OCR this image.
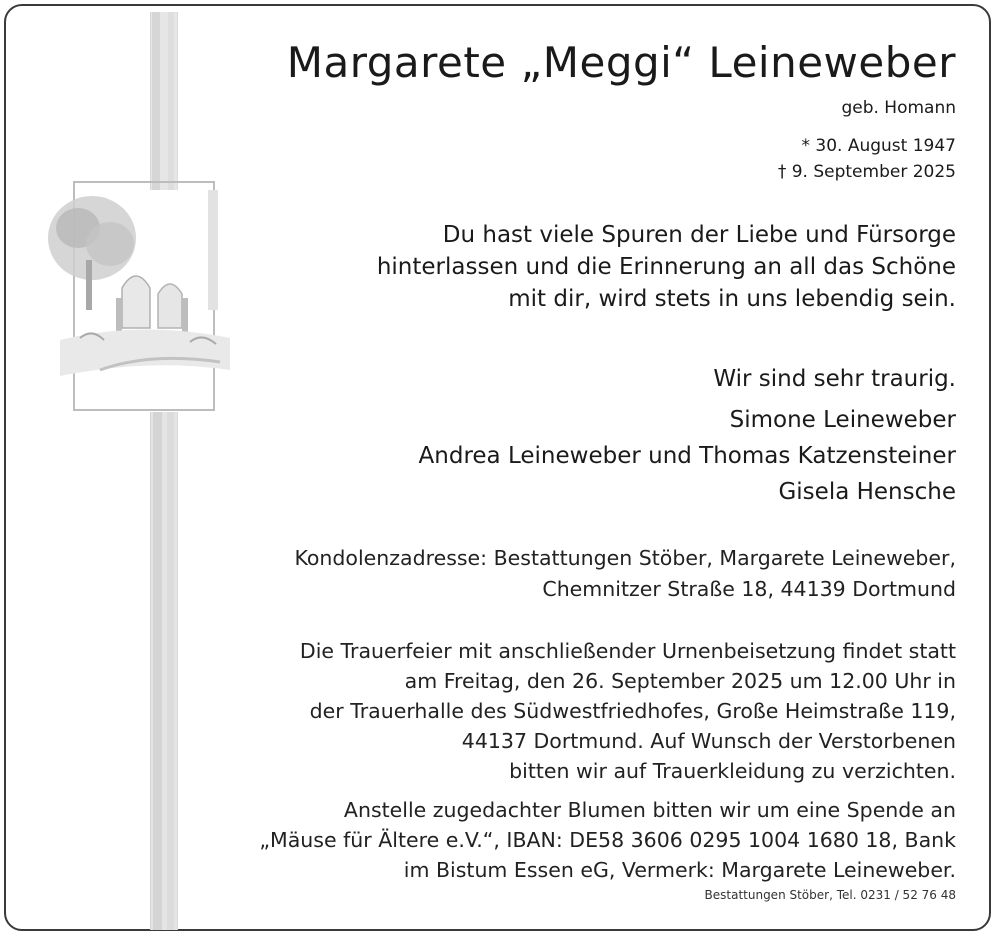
Margarete „Meggi“ Leineweber
geb. Homann
* 30. August 1947
† 9. September 2025
Du hast viele Spuren der Liebe und Fürsorge
hinterlassen und die Erinnerung an all das Schöne
mit dir, wird stets in uns lebendig sein.
Wir sind sehr traurig.
Simone Leineweber
Andrea Leineweber und Thomas Katzensteiner
Gisela Hensche
Kondolenzadresse: Bestattungen Stöber, Margarete Leineweber,
Chemnitzer Straße 18, 44139 Dortmund
Die Trauerfeier mit anschließender Urnenbeisetzung findet statt
am Freitag, den 26. September 2025 um 12.00 Uhr in
der Trauerhalle des Südwestfriedhofes, Große Heimstraße 119,
44137 Dortmund. Auf Wunsch der Verstorbenen
bitten wir auf Trauerkleidung zu verzichten.
Anstelle zugedachter Blumen bitten wir um eine Spende an
„Mäuse für Ältere e.V.“, IBAN: DE58 3606 0295 1004 1680 18, Bank
im Bistum Essen eG, Vermerk: Margarete Leineweber.
Bestattungen Stöber, Tel. 0231 / 52 76 48
